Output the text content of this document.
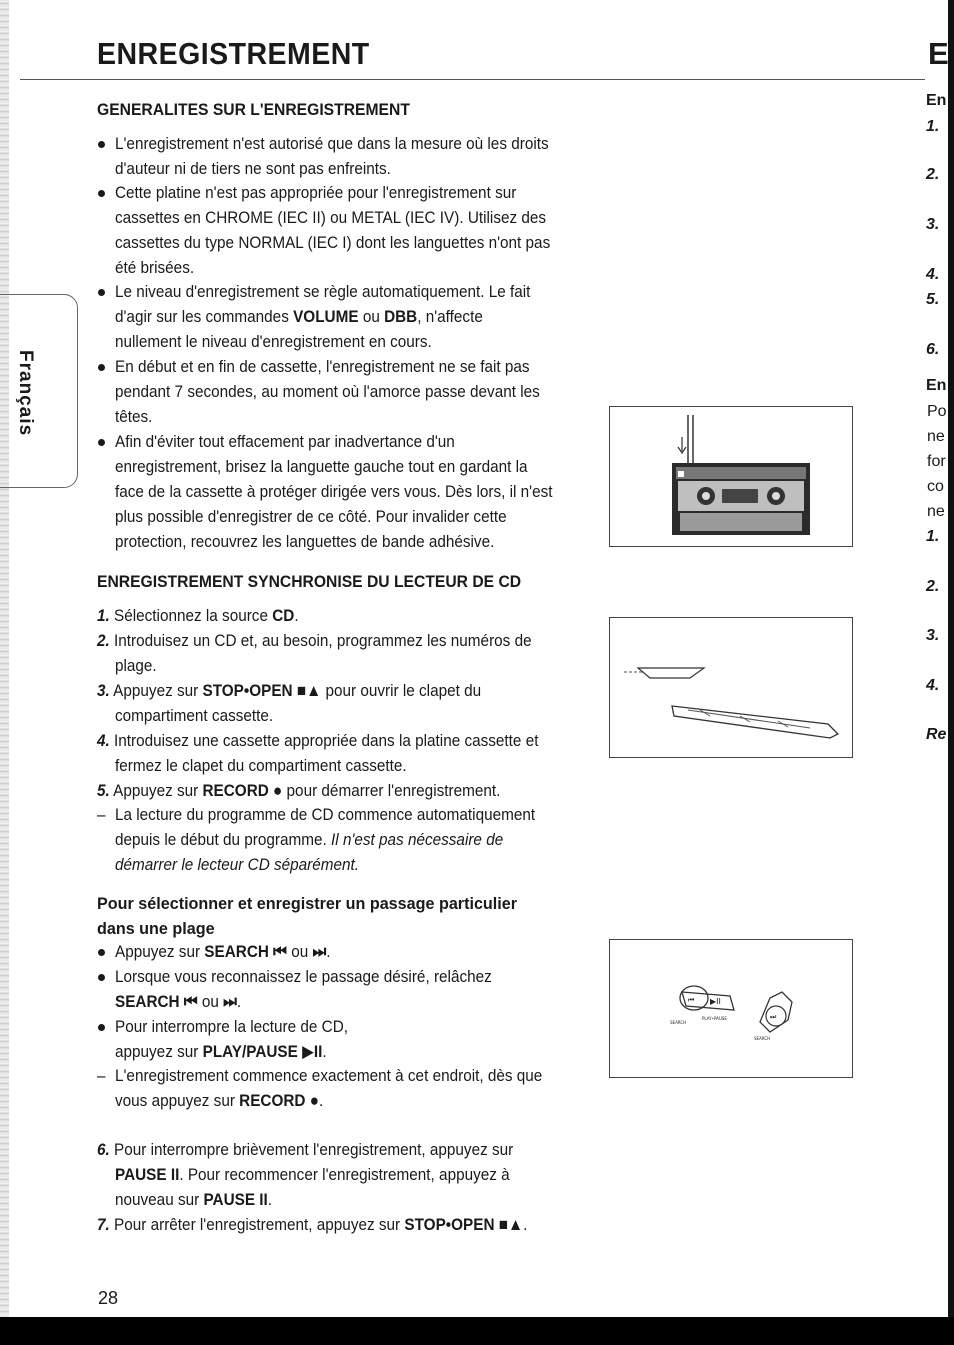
ENREGISTREMENT	E
En
1.
2.
3.
4.
5.
6.
En
Po
ne
for
co
ne
1.
2.
3.
4.
Re
Français
GENERALITES SUR L'ENREGISTREMENT
L'enregistrement n'est autorisé que dans la mesure où les droits
d'auteur ni de tiers ne sont pas enfreints.
Cette platine n'est pas appropriée pour l'enregistrement sur
cassettes en CHROME (IEC II) ou METAL (IEC IV). Utilisez des
cassettes du type NORMAL (IEC I) dont les languettes n'ont pas
été brisées.
Le niveau d'enregistrement se règle automatiquement. Le fait
d'agir sur les commandes VOLUME ou DBB, n'affecte
nullement le niveau d'enregistrement en cours.
En début et en fin de cassette, l'enregistrement ne se fait pas
pendant 7 secondes, au moment où l'amorce passe devant les
têtes.
Afin d'éviter tout effacement par inadvertance d'un
enregistrement, brisez la languette gauche tout en gardant la
face de la cassette à protéger dirigée vers vous. Dès lors, il n'est
plus possible d'enregistrer de ce côté. Pour invalider cette
protection, recouvrez les languettes de bande adhésive.
ENREGISTREMENT SYNCHRONISE DU LECTEUR DE CD
1. Sélectionnez la source CD.
2. Introduisez un CD et, au besoin, programmez les numéros de
plage.
3. Appuyez sur STOP•OPEN ■▲ pour ouvrir le clapet du
compartiment cassette.
4. Introduisez une cassette appropriée dans la platine cassette et
fermez le clapet du compartiment cassette.
5. Appuyez sur RECORD ● pour démarrer l'enregistrement.
– La lecture du programme de CD commence automatiquement
depuis le début du programme. Il n'est pas nécessaire de
démarrer le lecteur CD séparément.
Pour sélectionner et enregistrer un passage particulier
dans une plage
Appuyez sur SEARCH ⏮ ou ⏭.
Lorsque vous reconnaissez le passage désiré, relâchez
SEARCH ⏮ ou ⏭.
Pour interrompre la lecture de CD,
appuyez sur PLAY/PAUSE ▶II.
– L'enregistrement commence exactement à cet endroit, dès que
vous appuyez sur RECORD ●.
⏮ ▶II
PLAY•PAUSE
SEARCH
⏭
SEARCH
6. Pour interrompre brièvement l'enregistrement, appuyez sur
PAUSE II. Pour recommencer l'enregistrement, appuyez à
nouveau sur PAUSE II.
7. Pour arrêter l'enregistrement, appuyez sur STOP•OPEN ■▲.
28
